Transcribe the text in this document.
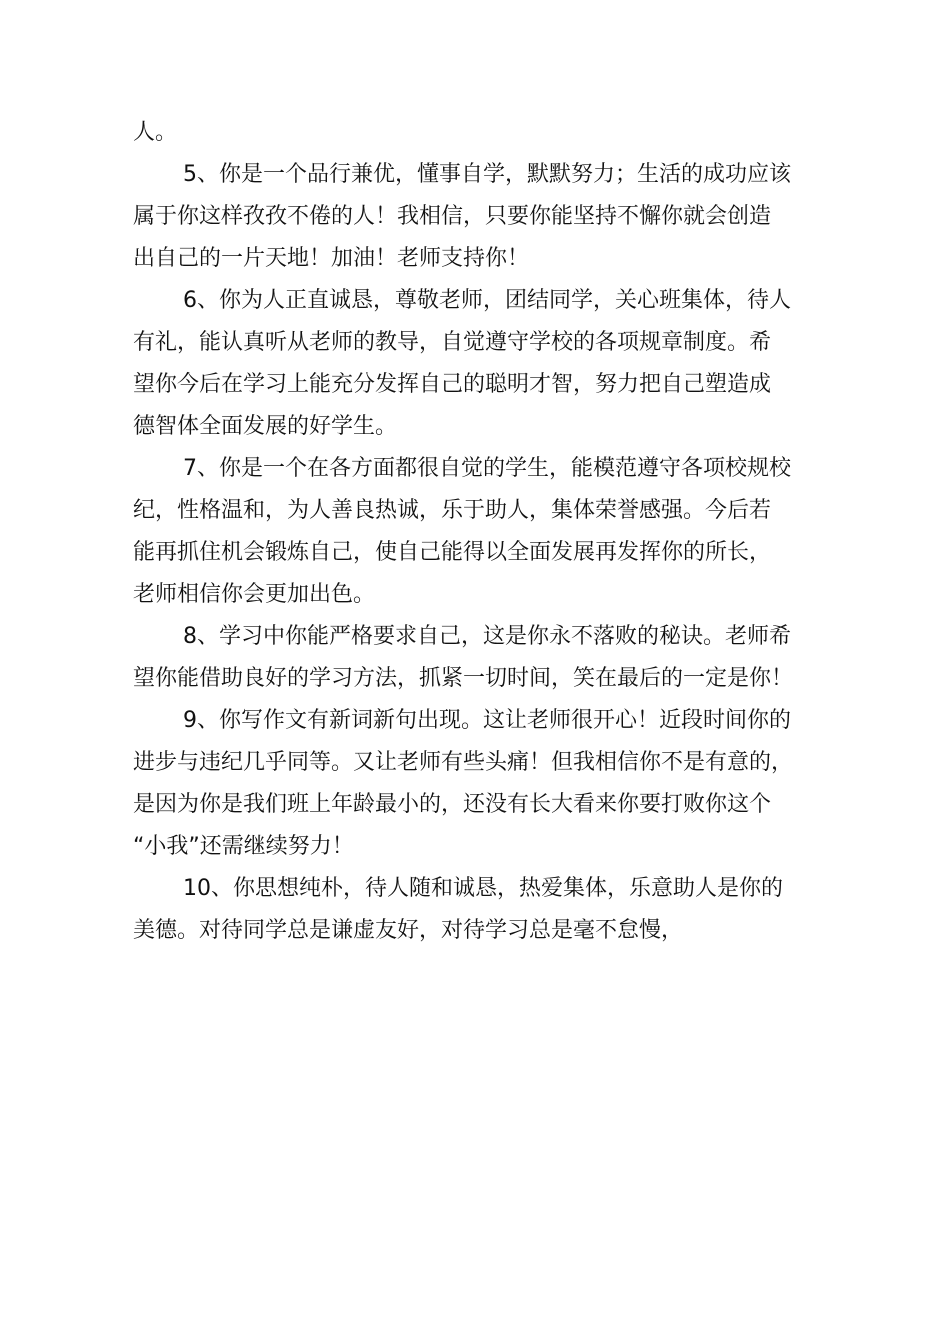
人。

5、你是一个品行兼优，懂事自学，默默努力；生活的成功应该

属于你这样孜孜不倦的人！我相信，只要你能坚持不懈你就会创造

出自己的一片天地！加油！老师支持你！

6、你为人正直诚恳，尊敬老师，团结同学，关心班集体，待人

有礼，能认真听从老师的教导，自觉遵守学校的各项规章制度。希

望你今后在学习上能充分发挥自己的聪明才智，努力把自己塑造成

德智体全面发展的好学生。

7、你是一个在各方面都很自觉的学生，能模范遵守各项校规校

纪，性格温和，为人善良热诚，乐于助人，集体荣誉感强。今后若

能再抓住机会锻炼自己，使自己能得以全面发展再发挥你的所长，

老师相信你会更加出色。

8、学习中你能严格要求自己，这是你永不落败的秘诀。老师希

望你能借助良好的学习方法，抓紧一切时间，笑在最后的一定是你！

9、你写作文有新词新句出现。这让老师很开心！近段时间你的

进步与违纪几乎同等。又让老师有些头痛！但我相信你不是有意的，

是因为你是我们班上年龄最小的，还没有长大看来你要打败你这个

“小我”还需继续努力！

10、你思想纯朴，待人随和诚恳，热爱集体，乐意助人是你的

美德。对待同学总是谦虚友好，对待学习总是毫不怠慢，
